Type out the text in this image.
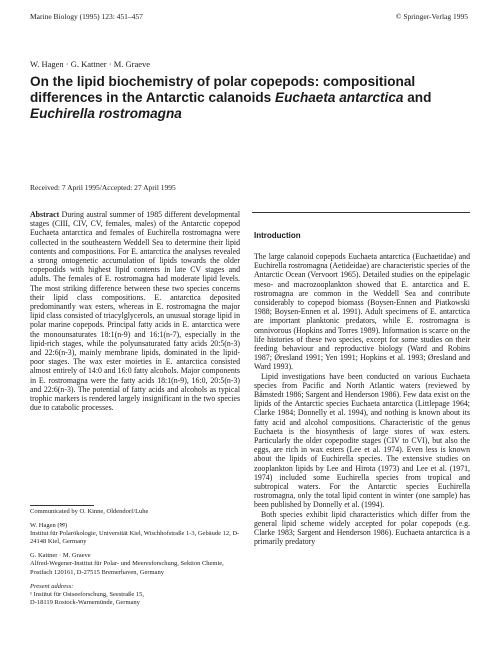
Marine Biology (1995) 123: 451–457	© Springer-Verlag 1995
W. Hagen · G. Kattner · M. Graeve
On the lipid biochemistry of polar copepods: compositional differences in the Antarctic calanoids Euchaeta antarctica and Euchirella rostromagna
Received: 7 April 1995/Accepted: 27 April 1995

Abstract During austral summer of 1985 different developmental stages (CIII, CIV, CV, females, males) of the Antarctic copepod Euchaeta antarctica and females of Euchirella rostromagna were collected in the southeastern Weddell Sea to determine their lipid contents and compositions. For E. antarctica the analyses revealed a strong ontogenetic accumulation of lipids towards the older copepodids with highest lipid contents in late CV stages and adults. The females of E. rostromagna had moderate lipid levels. The most striking difference between these two species concerns their lipid class compositions. E. antarctica deposited predominantly wax esters, whereas in E. rostromagna the major lipid class consisted of triacylglycerols, an unusual storage lipid in polar marine copepods. Principal fatty acids in E. antarctica were the monounsaturates 18:1(n-9) and 16:1(n-7), especially in the lipid-rich stages, while the polyunsaturated fatty acids 20:5(n-3) and 22:6(n-3), mainly membrane lipids, dominated in the lipid-poor stages. The wax ester moieties in E. antarctica consisted almost entirely of 14:0 and 16:0 fatty alcohols. Major components in E. rostromagna were the fatty acids 18:1(n-9), 16:0, 20:5(n-3) and 22:6(n-3). The potential of fatty acids and alcohols as typical trophic markers is rendered largely insignificant in the two species due to catabolic processes.

Communicated by O. Kinne, Oldendorf/Luhe

W. Hagen (✉)

Institut für Polarökologie, Universität Kiel, Wischhofstraße 1-3, Gebäude 12, D-24148 Kiel, Germany

G. Kattner · M. Graeve

Alfred-Wegener-Institut für Polar- und Meeresforschung, Sektion Chemie, Postfach 120161, D-27515 Bremerhaven, Germany

Present address:

¹ Institut für Ostseeforschung, Seestraße 15,

D-18119 Rostock-Warnemünde, Germany

Introduction

The large calanoid copepods Euchaeta antarctica (Euchaetidae) and Euchirella rostromagna (Aetideidae) are characteristic species of the Antarctic Ocean (Vervoort 1965). Detailed studies on the epipelagic meso- and macrozooplankton showed that E. antarctica and E. rostromagna are common in the Weddell Sea and contribute considerably to copepod biomass (Boysen-Ennen and Piatkowski 1988; Boysen-Ennen et al. 1991). Adult specimens of E. antarctica are important planktonic predators, while E. rostromagna is omnivorous (Hopkins and Torres 1989). Information is scarce on the life histories of these two species, except for some studies on their feeding behaviour and reproductive biology (Ward and Robins 1987; Øresland 1991; Yen 1991; Hopkins et al. 1993; Øresland and Ward 1993).

Lipid investigations have been conducted on various Euchaeta species from Pacific and North Atlantic waters (reviewed by Båmstedt 1986; Sargent and Henderson 1986). Few data exist on the lipids of the Antarctic species Euchaeta antarctica (Littlepage 1964; Clarke 1984; Donnelly et al. 1994), and nothing is known about its fatty acid and alcohol compositions. Characteristic of the genus Euchaeta is the biosynthesis of large stores of wax esters. Particularly the older copepodite stages (CIV to CVI), but also the eggs, are rich in wax esters (Lee et al. 1974). Even less is known about the lipids of Euchirella species. The extensive studies on zooplankton lipids by Lee and Hirota (1973) and Lee et al. (1971, 1974) included some Euchirella species from tropical and subtropical waters. For the Antarctic species Euchirella rostromagna, only the total lipid content in winter (one sample) has been published by Donnelly et al. (1994).

Both species exhibit lipid characteristics which differ from the general lipid scheme widely accepted for polar copepods (e.g. Clarke 1983; Sargent and Henderson 1986). Euchaeta antarctica is a primarily predatory
